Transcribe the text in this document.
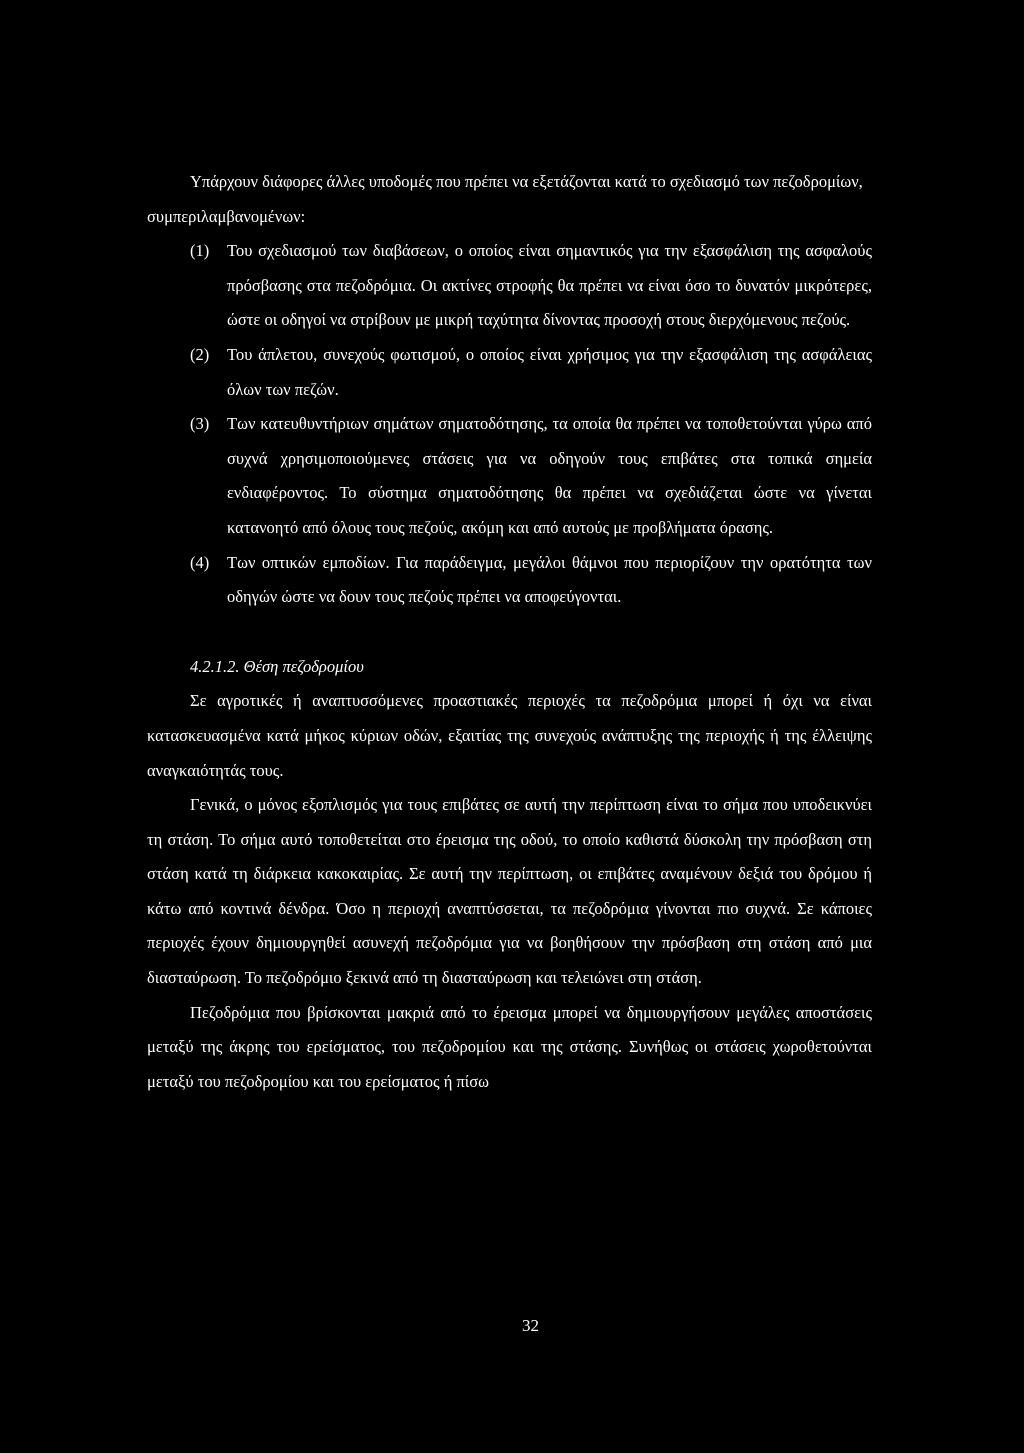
Υπάρχουν διάφορες άλλες υποδομές που πρέπει να εξετάζονται κατά το σχεδιασμό των πεζοδρομίων, συμπεριλαμβανομένων:

(1) Του σχεδιασμού των διαβάσεων, ο οποίος είναι σημαντικός για την εξασφάλιση της ασφαλούς πρόσβασης στα πεζοδρόμια. Οι ακτίνες στροφής θα πρέπει να είναι όσο το δυνατόν μικρότερες, ώστε οι οδηγοί να στρίβουν με μικρή ταχύτητα δίνοντας προσοχή στους διερχόμενους πεζούς.
(2) Του άπλετου, συνεχούς φωτισμού, ο οποίος είναι χρήσιμος για την εξασφάλιση της ασφάλειας όλων των πεζών.
(3) Των κατευθυντήριων σημάτων σηματοδότησης, τα οποία θα πρέπει να τοποθετούνται γύρω από συχνά χρησιμοποιούμενες στάσεις για να οδηγούν τους επιβάτες στα τοπικά σημεία ενδιαφέροντος. Το σύστημα σηματοδότησης θα πρέπει να σχεδιάζεται ώστε να γίνεται κατανοητό από όλους τους πεζούς, ακόμη και από αυτούς με προβλήματα όρασης.
(4) Των οπτικών εμποδίων. Για παράδειγμα, μεγάλοι θάμνοι που περιορίζουν την ορατότητα των οδηγών ώστε να δουν τους πεζούς πρέπει να αποφεύγονται.

4.2.1.2. Θέση πεζοδρομίου

Σε αγροτικές ή αναπτυσσόμενες προαστιακές περιοχές τα πεζοδρόμια μπορεί ή όχι να είναι κατασκευασμένα κατά μήκος κύριων οδών, εξαιτίας της συνεχούς ανάπτυξης της περιοχής ή της έλλειψης αναγκαιότητάς τους.

Γενικά, ο μόνος εξοπλισμός για τους επιβάτες σε αυτή την περίπτωση είναι το σήμα που υποδεικνύει τη στάση. Το σήμα αυτό τοποθετείται στο έρεισμα της οδού, το οποίο καθιστά δύσκολη την πρόσβαση στη στάση κατά τη διάρκεια κακοκαιρίας. Σε αυτή την περίπτωση, οι επιβάτες αναμένουν δεξιά του δρόμου ή κάτω από κοντινά δένδρα. Όσο η περιοχή αναπτύσσεται, τα πεζοδρόμια γίνονται πιο συχνά. Σε κάποιες περιοχές έχουν δημιουργηθεί ασυνεχή πεζοδρόμια για να βοηθήσουν την πρόσβαση στη στάση από μια διασταύρωση. Το πεζοδρόμιο ξεκινά από τη διασταύρωση και τελειώνει στη στάση.

Πεζοδρόμια που βρίσκονται μακριά από το έρεισμα μπορεί να δημιουργήσουν μεγάλες αποστάσεις μεταξύ της άκρης του ερείσματος, του πεζοδρομίου και της στάσης. Συνήθως οι στάσεις χωροθετούνται μεταξύ του πεζοδρομίου και του ερείσματος ή πίσω

32
